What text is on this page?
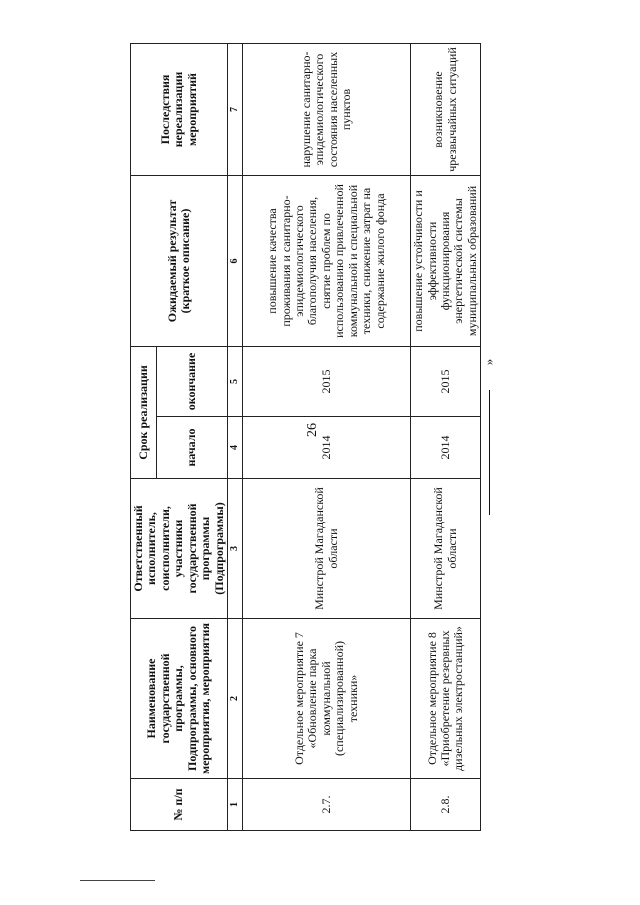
26
№ п/п	Наименование государственной программы, Подпрограммы, основного мероприятия, мероприятия	Ответственный исполнитель, соисполнители, участники государственной программы (Подпрограммы)	Срок реализации		Ожидаемый результат (краткое описание)	Последствия нереализации мероприятий
			начало	окончание		
1	2	3	4	5	6	7
2.7.	Отдельное мероприятие 7 «Обновление парка коммунальной (специализированной) техники»	Минстрой Магаданской области	2014	2015	повышение качества проживания и санитарно-эпидемиологического благополучия населения, снятие проблем по использованию привлеченной коммунальной и специальной техники, снижение затрат на содержание жилого фонда	нарушение санитарно-эпидемиологического состояния населенных пунктов
2.8.	Отдельное мероприятие 8 «Приобретение резервных дизельных электростанций»	Минстрой Магаданской области	2014	2015	повышение устойчивости и эффективности функционирования энергетической системы муниципальных образований	возникновение чрезвычайных ситуаций
»
